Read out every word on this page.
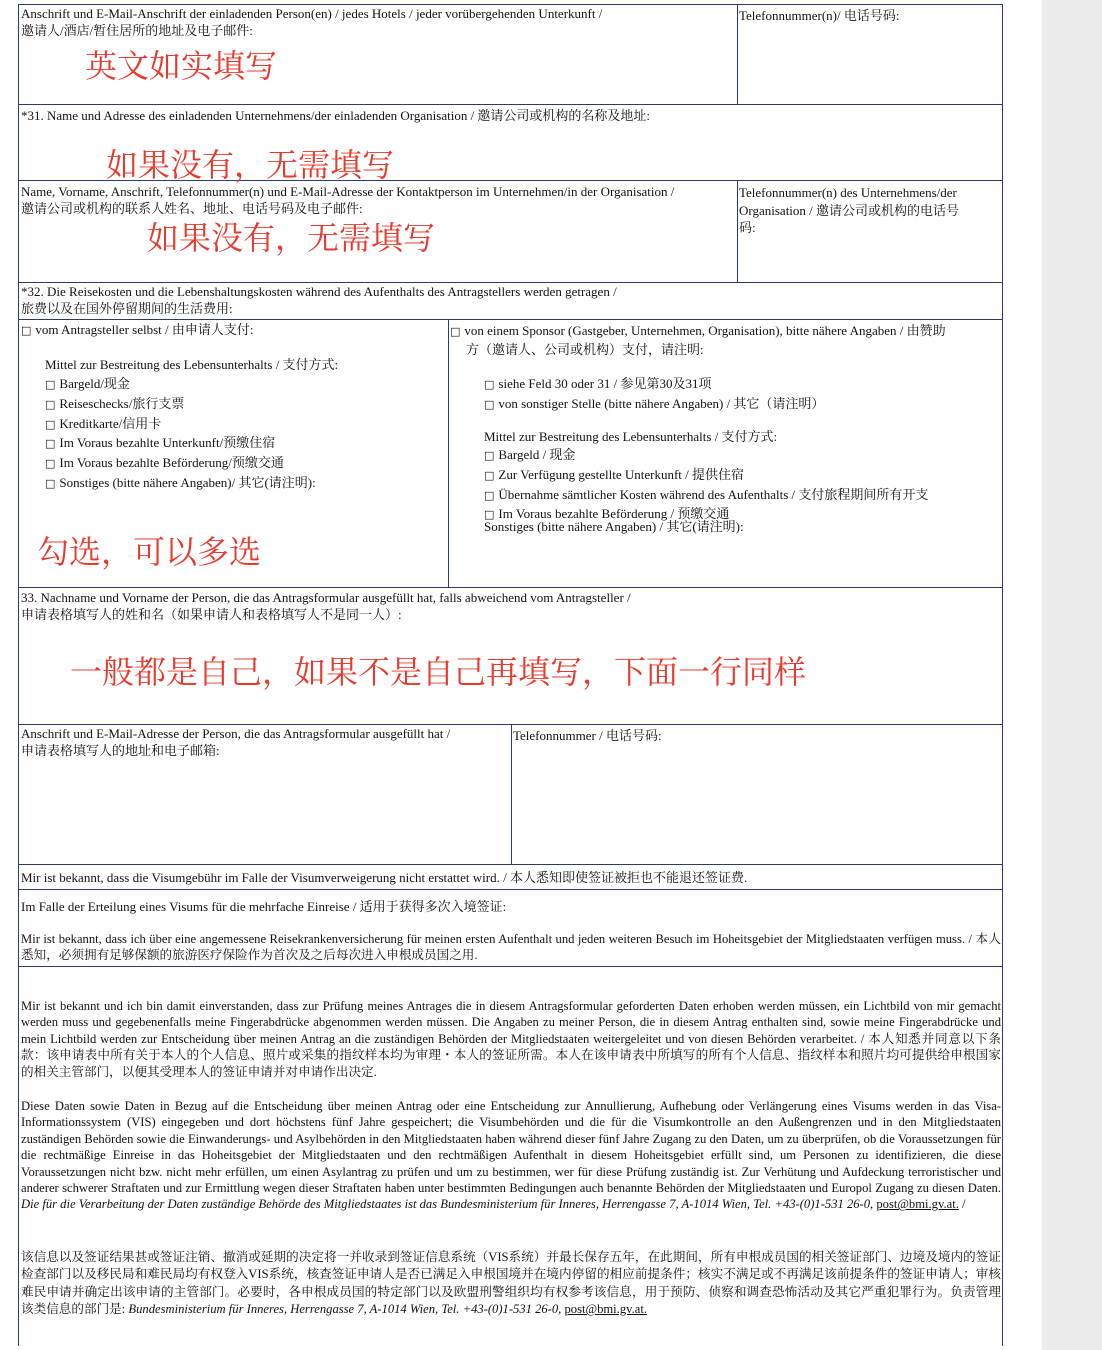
Anschrift und E-Mail-Anschrift der einladenden Person(en) / jedes Hotels / jeder vorübergehenden Unterkunft /
邀请人/酒店/暂住居所的地址及电子邮件:
Telefonnummer(n)/ 电话号码:
英文如实填写
*31. Name und Adresse des einladenden Unternehmens/der einladenden Organisation / 邀请公司或机构的名称及地址:
如果没有，无需填写
Name, Vorname, Anschrift, Telefonnummer(n) und E-Mail-Adresse der Kontaktperson im Unternehmen/in der Organisation /
邀请公司或机构的联系人姓名、地址、电话号码及电子邮件:
如果没有，无需填写
Telefonnummer(n) des Unternehmens/der
Organisation / 邀请公司或机构的电话号
码:
*32. Die Reisekosten und die Lebenshaltungskosten während des Aufenthalts des Antragstellers werden getragen /
旅费以及在国外停留期间的生活费用:
□ vom Antragsteller selbst / 由申请人支付:
Mittel zur Bestreitung des Lebensunterhalts / 支付方式:
□ Bargeld/现金
□ Reiseschecks/旅行支票
□ Kreditkarte/信用卡
□ Im Voraus bezahlte Unterkunft/预缴住宿
□ Im Voraus bezahlte Beförderung/预缴交通
□ Sonstiges (bitte nähere Angaben)/ 其它(请注明):
勾选，可以多选
□ von einem Sponsor (Gastgeber, Unternehmen, Organisation), bitte nähere Angaben / 由赞助
方（邀请人、公司或机构）支付，请注明:
□ siehe Feld 30 oder 31 / 参见第30及31项
□ von sonstiger Stelle (bitte nähere Angaben) / 其它（请注明）
Mittel zur Bestreitung des Lebensunterhalts / 支付方式:
□ Bargeld / 现金
□ Zur Verfügung gestellte Unterkunft / 提供住宿
□ Übernahme sämtlicher Kosten während des Aufenthalts / 支付旅程期间所有开支
□ Im Voraus bezahlte Beförderung / 预缴交通
Sonstiges (bitte nähere Angaben) / 其它(请注明):
33. Nachname und Vorname der Person, die das Antragsformular ausgefüllt hat, falls abweichend vom Antragsteller /
申请表格填写人的姓和名（如果申请人和表格填写人不是同一人）:
一般都是自己，如果不是自己再填写，下面一行同样
Anschrift und E-Mail-Adresse der Person, die das Antragsformular ausgefüllt hat /
申请表格填写人的地址和电子邮箱:
Telefonnummer / 电话号码:
Mir ist bekannt, dass die Visumgebühr im Falle der Visumverweigerung nicht erstattet wird. / 本人悉知即使签证被拒也不能退还签证费.
Im Falle der Erteilung eines Visums für die mehrfache Einreise / 适用于获得多次入境签证:
Mir ist bekannt, dass ich über eine angemessene Reisekrankenversicherung für meinen ersten Aufenthalt und jeden weiteren Besuch im Hoheitsgebiet der Mitgliedstaaten verfügen muss. / 本人悉知，必须拥有足够保额的旅游医疗保险作为首次及之后每次进入申根成员国之用.
Mir ist bekannt und ich bin damit einverstanden, dass zur Prüfung meines Antrages die in diesem Antragsformular geforderten Daten erhoben werden müssen, ein Lichtbild von mir gemacht werden muss und gegebenenfalls meine Fingerabdrücke abgenommen werden müssen. Die Angaben zu meiner Person, die in diesem Antrag enthalten sind, sowie meine Fingerabdrücke und mein Lichtbild werden zur Entscheidung über meinen Antrag an die zuständigen Behörden der Mitgliedstaaten weitergeleitet und von diesen Behörden verarbeitet. / 本人知悉并同意以下条款：该申请表中所有关于本人的个人信息、照片或采集的指纹样本均为审理・本人的签证所需。本人在该申请表中所填写的所有个人信息、指纹样本和照片均可提供给申根国家的相关主管部门，以便其受理本人的签证申请并对申请作出决定.
Diese Daten sowie Daten in Bezug auf die Entscheidung über meinen Antrag oder eine Entscheidung zur Annullierung, Aufhebung oder Verlängerung eines Visums werden in das Visa-Informationssystem (VIS) eingegeben und dort höchstens fünf Jahre gespeichert; die Visumbehörden und die für die Visumkontrolle an den Außengrenzen und in den Mitgliedstaaten zuständigen Behörden sowie die Einwanderungs- und Asylbehörden in den Mitgliedstaaten haben während dieser fünf Jahre Zugang zu den Daten, um zu überprüfen, ob die Voraussetzungen für die rechtmäßige Einreise in das Hoheitsgebiet der Mitgliedstaaten und den rechtmäßigen Aufenthalt in diesem Hoheitsgebiet erfüllt sind, um Personen zu identifizieren, die diese Voraussetzungen nicht bzw. nicht mehr erfüllen, um einen Asylantrag zu prüfen und um zu bestimmen, wer für diese Prüfung zuständig ist. Zur Verhütung und Aufdeckung terroristischer und anderer schwerer Straftaten und zur Ermittlung wegen dieser Straftaten haben unter bestimmten Bedingungen auch benannte Behörden der Mitgliedstaaten und Europol Zugang zu diesen Daten. Die für die Verarbeitung der Daten zuständige Behörde des Mitgliedstaates ist das Bundesministerium für Inneres, Herrengasse 7, A-1014 Wien, Tel. +43-(0)1-531 26-0, post@bmi.gv.at. /
该信息以及签证结果甚或签证注销、撤消或延期的决定将一并收录到签证信息系统（VIS系统）并最长保存五年，在此期间，所有申根成员国的相关签证部门、边境及境内的签证检查部门以及移民局和难民局均有权登入VIS系统，核查签证申请人是否已满足入申根国境并在境内停留的相应前提条件；核实不满足或不再满足该前提条件的签证申请人；审核难民申请并确定出该申请的主管部门。必要时，各申根成员国的特定部门以及欧盟刑警组织均有权参考该信息，用于预防、侦察和调查恐怖活动及其它严重犯罪行为。负责管理该类信息的部门是: Bundesministerium für Inneres, Herrengasse 7, A-1014 Wien, Tel. +43-(0)1-531 26-0, post@bmi.gv.at.
